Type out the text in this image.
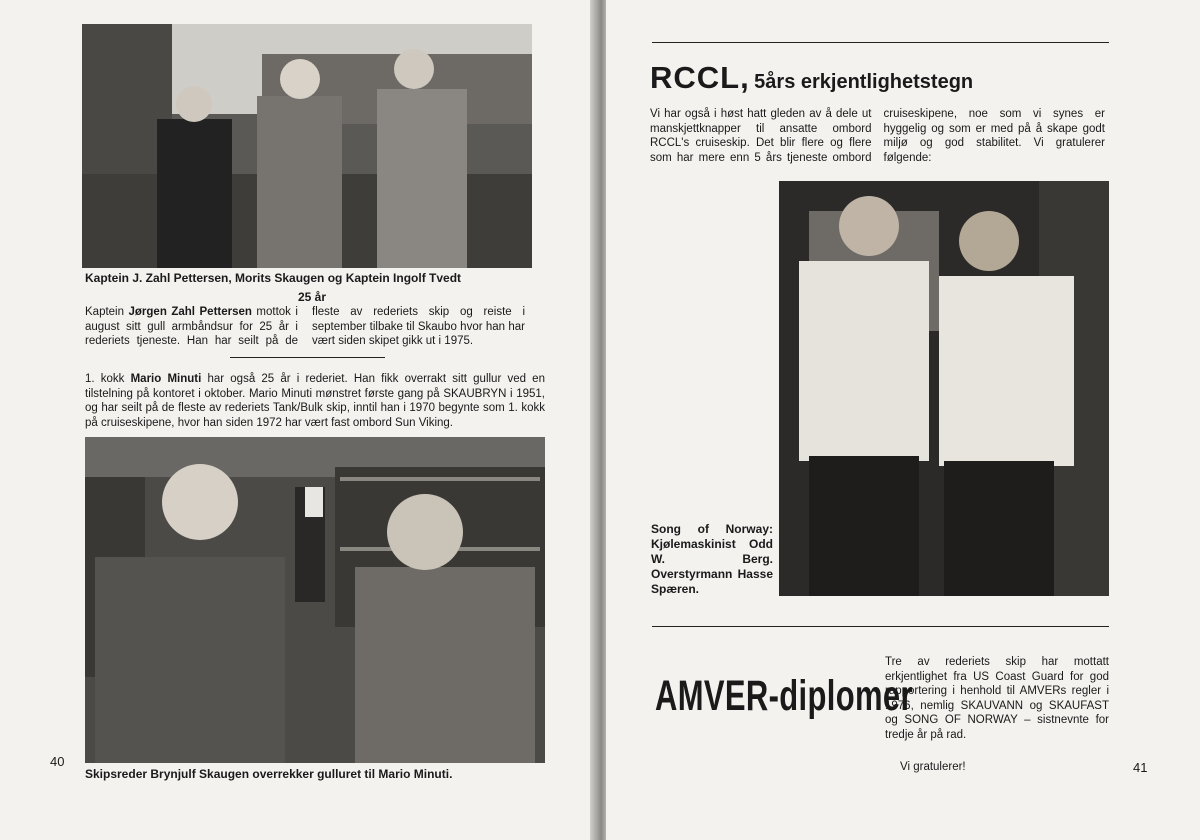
Kaptein J. Zahl Pettersen, Morits Skaugen og Kaptein Ingolf Tvedt
25 år
Kaptein Jørgen Zahl Pettersen mottok i august sitt gull armbåndsur for 25 år i rederiets tjeneste. Han har seilt på de fleste av rederiets skip og reiste i september tilbake til Skaubo hvor han har vært siden skipet gikk ut i 1975.
1. kokk Mario Minuti har også 25 år i rederiet. Han fikk overrakt sitt gullur ved en tilstelning på kontoret i oktober. Mario Minuti mønstret første gang på SKAUBRYN i 1951, og har seilt på de fleste av rederiets Tank/Bulk skip, inntil han i 1970 begynte som 1. kokk på cruiseskipene, hvor han siden 1972 har vært fast ombord Sun Viking.
40
Skipsreder Brynjulf Skaugen overrekker gulluret til Mario Minuti.
RCCL, 5års erkjentlighetstegn
Vi har også i høst hatt gleden av å dele ut manskjettknapper til ansatte ombord RCCL's cruiseskip. Det blir flere og flere som har mere enn 5 års tjeneste ombord cruiseskipene, noe som vi synes er hyggelig og som er med på å skape godt miljø og god stabilitet. Vi gratulerer følgende:
Song of Norway: Kjølemaskinist Odd W. Berg. Overstyrmann Hasse Spæren.
AMVER-diplomer
Tre av rederiets skip har mottatt erkjentlighet fra US Coast Guard for god rapportering i henhold til AMVERs regler i 1976, nemlig SKAUVANN og SKAUFAST og SONG OF NORWAY – sistnevnte for tredje år på rad.
Vi gratulerer!	41
